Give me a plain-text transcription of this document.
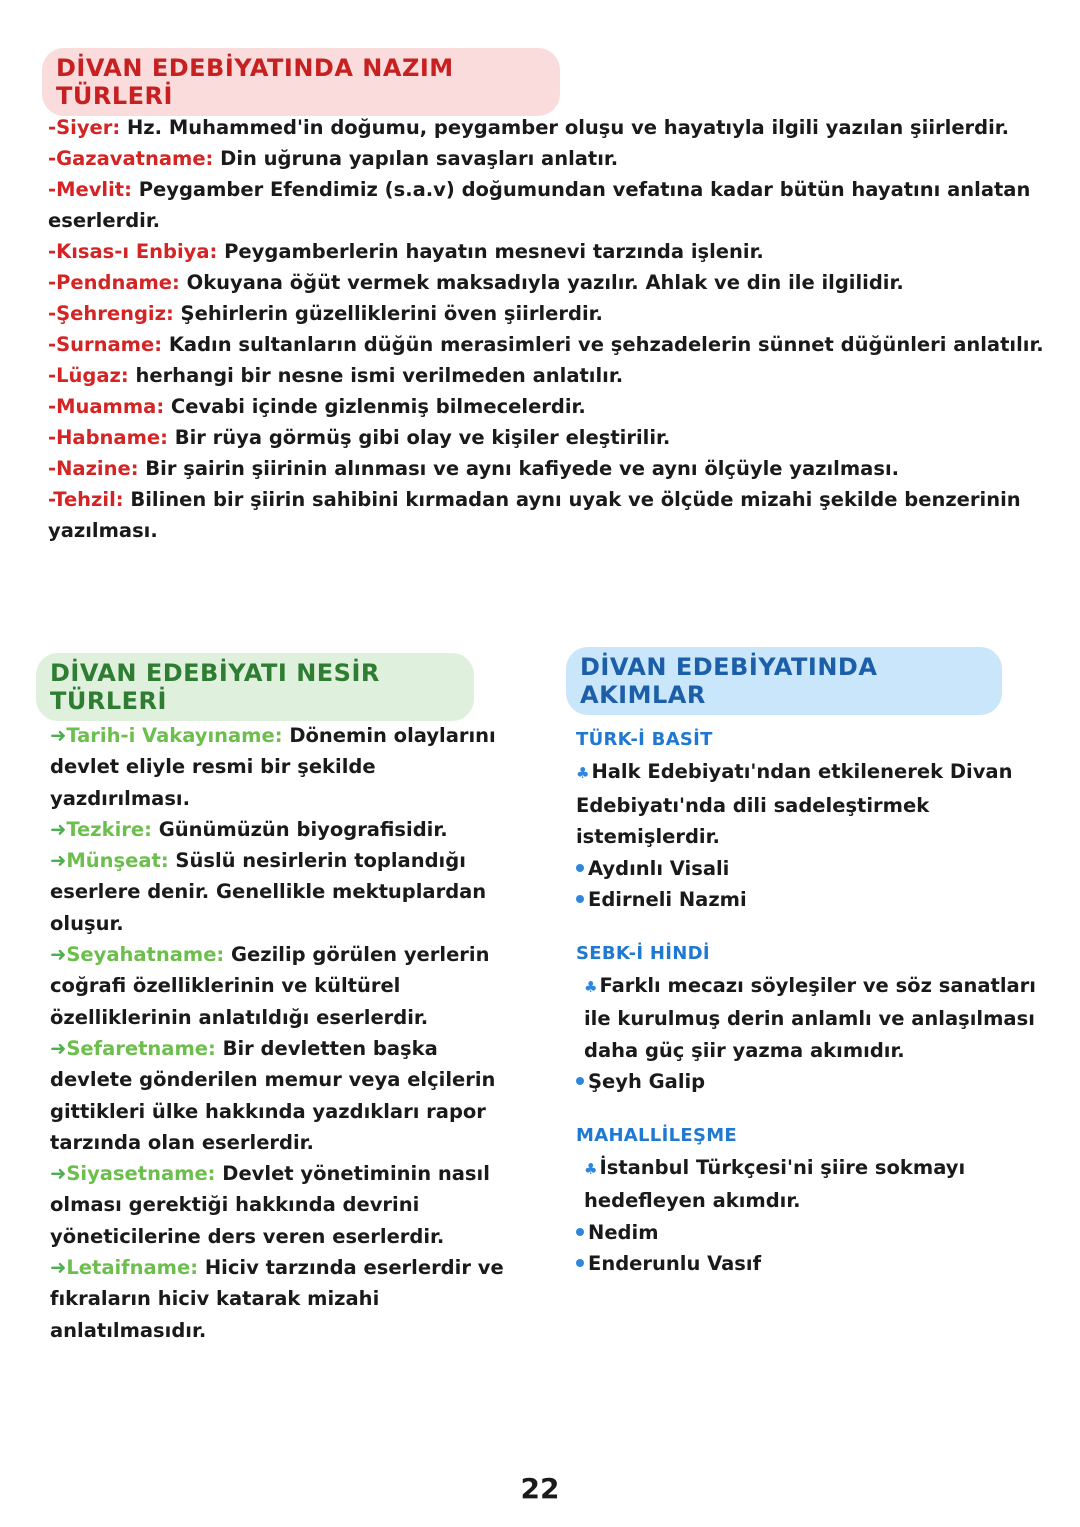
DİVAN EDEBİYATINDA NAZIM TÜRLERİ

-Siyer: Hz. Muhammed'in doğumu, peygamber oluşu ve hayatıyla ilgili yazılan şiirlerdir.

-Gazavatname: Din uğruna yapılan savaşları anlatır.

-Mevlit: Peygamber Efendimiz (s.a.v) doğumundan vefatına kadar bütün hayatını anlatan eserlerdir.

-Kısas-ı Enbiya: Peygamberlerin hayatın mesnevi tarzında işlenir.

-Pendname: Okuyana öğüt vermek maksadıyla yazılır. Ahlak ve din ile ilgilidir.

-Şehrengiz: Şehirlerin güzelliklerini öven şiirlerdir.

-Surname: Kadın sultanların düğün merasimleri ve şehzadelerin sünnet düğünleri anlatılır.

-Lügaz: herhangi bir nesne ismi verilmeden anlatılır.

-Muamma: Cevabi içinde gizlenmiş bilmecelerdir.

-Habname: Bir rüya görmüş gibi olay ve kişiler eleştirilir.

-Nazine: Bir şairin şiirinin alınması ve aynı kafiyede ve aynı ölçüyle yazılması.

-Tehzil: Bilinen bir şiirin sahibini kırmadan aynı uyak ve ölçüde mizahi şekilde benzerinin yazılması.

DİVAN EDEBİYATI NESİR TÜRLERİ

➜Tarih-i Vakayıname: Dönemin olaylarını devlet eliyle resmi bir şekilde yazdırılması.

➜Tezkire: Günümüzün biyografisidir.

➜Münşeat: Süslü nesirlerin toplandığı eserlere denir. Genellikle mektuplardan oluşur.

➜Seyahatname: Gezilip görülen yerlerin coğrafi özelliklerinin ve kültürel özelliklerinin anlatıldığı eserlerdir.

➜Sefaretname: Bir devletten başka devlete gönderilen memur veya elçilerin gittikleri ülke hakkında yazdıkları rapor tarzında olan eserlerdir.

➜Siyasetname: Devlet yönetiminin nasıl olması gerektiği hakkında devrini yöneticilerine ders veren eserlerdir.

➜Letaifname: Hiciv tarzında eserlerdir ve fıkraların hiciv katarak mizahi anlatılmasıdır.

DİVAN EDEBİYATINDA AKIMLAR
TÜRK-İ BASİT

♣ Halk Edebiyatı'ndan etkilenerek Divan Edebiyatı'nda dili sadeleştirmek istemişlerdir.

Aydınlı Visali
Edirneli Nazmi
SEBK-İ HİNDİ

♣ Farklı mecazı söyleşiler ve söz sanatları ile kurulmuş derin anlamlı ve anlaşılması daha güç şiir yazma akımıdır.

Şeyh Galip
MAHALLİLEŞME

♣ İstanbul Türkçesi'ni şiire sokmayı hedefleyen akımdır.

Nedim
Enderunlu Vasıf
22
